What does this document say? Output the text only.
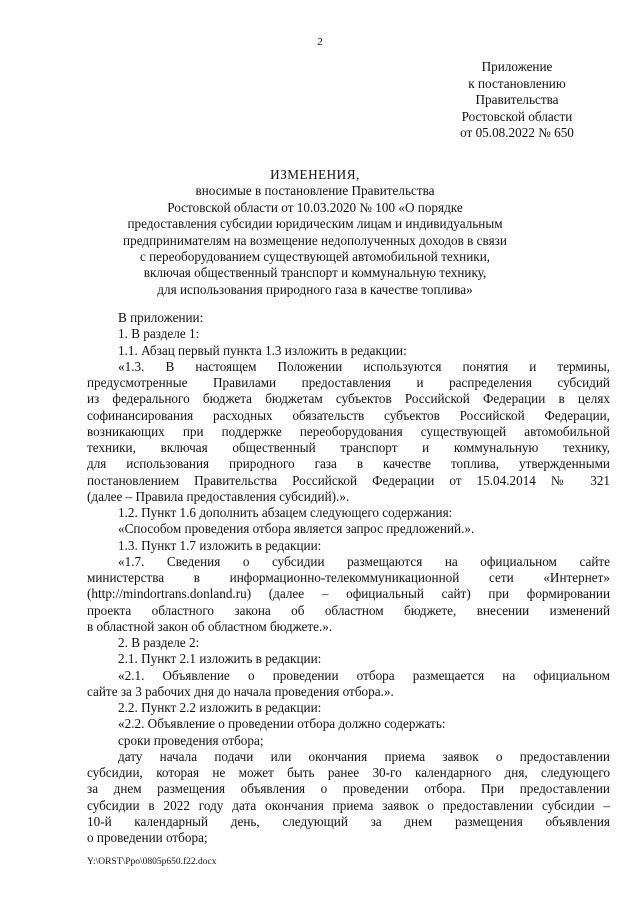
2
Приложение
к постановлению
Правительства
Ростовской области
от 05.08.2022 № 650
ИЗМЕНЕНИЯ,
вносимые в постановление Правительства
Ростовской области от 10.03.2020 № 100 «О порядке
предоставления субсидии юридическим лицам и индивидуальным
предпринимателям на возмещение недополученных доходов в связи
с переоборудованием существующей автомобильной техники,
включая общественный транспорт и коммунальную технику,
для использования природного газа в качестве топлива»

В приложении:

1. В разделе 1:

1.1. Абзац первый пункта 1.3 изложить в редакции:

«1.3. В настоящем Положении используются понятия и термины,

предусмотренные Правилами предоставления и распределения субсидий

из федерального бюджета бюджетам субъектов Российской Федерации в целях

софинансирования расходных обязательств субъектов Российской Федерации,

возникающих при поддержке переоборудования существующей автомобильной

техники, включая общественный транспорт и коммунальную технику,

для использования природного газа в качестве топлива, утвержденными

постановлением Правительства Российской Федерации от 15.04.2014 № 321

(далее – Правила предоставления субсидий).».

1.2. Пункт 1.6 дополнить абзацем следующего содержания:

«Способом проведения отбора является запрос предложений.».

1.3. Пункт 1.7 изложить в редакции:

«1.7. Сведения о субсидии размещаются на официальном сайте

министерства в информационно-телекоммуникационной сети «Интернет»

(http://mindortrans.donland.ru) (далее – официальный сайт) при формировании

проекта областного закона об областном бюджете, внесении изменений

в областной закон об областном бюджете.».

2. В разделе 2:

2.1. Пункт 2.1 изложить в редакции:

«2.1. Объявление о проведении отбора размещается на официальном

сайте за 3 рабочих дня до начала проведения отбора.».

2.2. Пункт 2.2 изложить в редакции:

«2.2. Объявление о проведении отбора должно содержать:

сроки проведения отбора;

дату начала подачи или окончания приема заявок о предоставлении

субсидии, которая не может быть ранее 30-го календарного дня, следующего

за днем размещения объявления о проведении отбора. При предоставлении

субсидии в 2022 году дата окончания приема заявок о предоставлении субсидии –

10-й календарный день, следующий за днем размещения объявления

о проведении отбора;

Y:\ORST\Ppo\0805p650.f22.docx
